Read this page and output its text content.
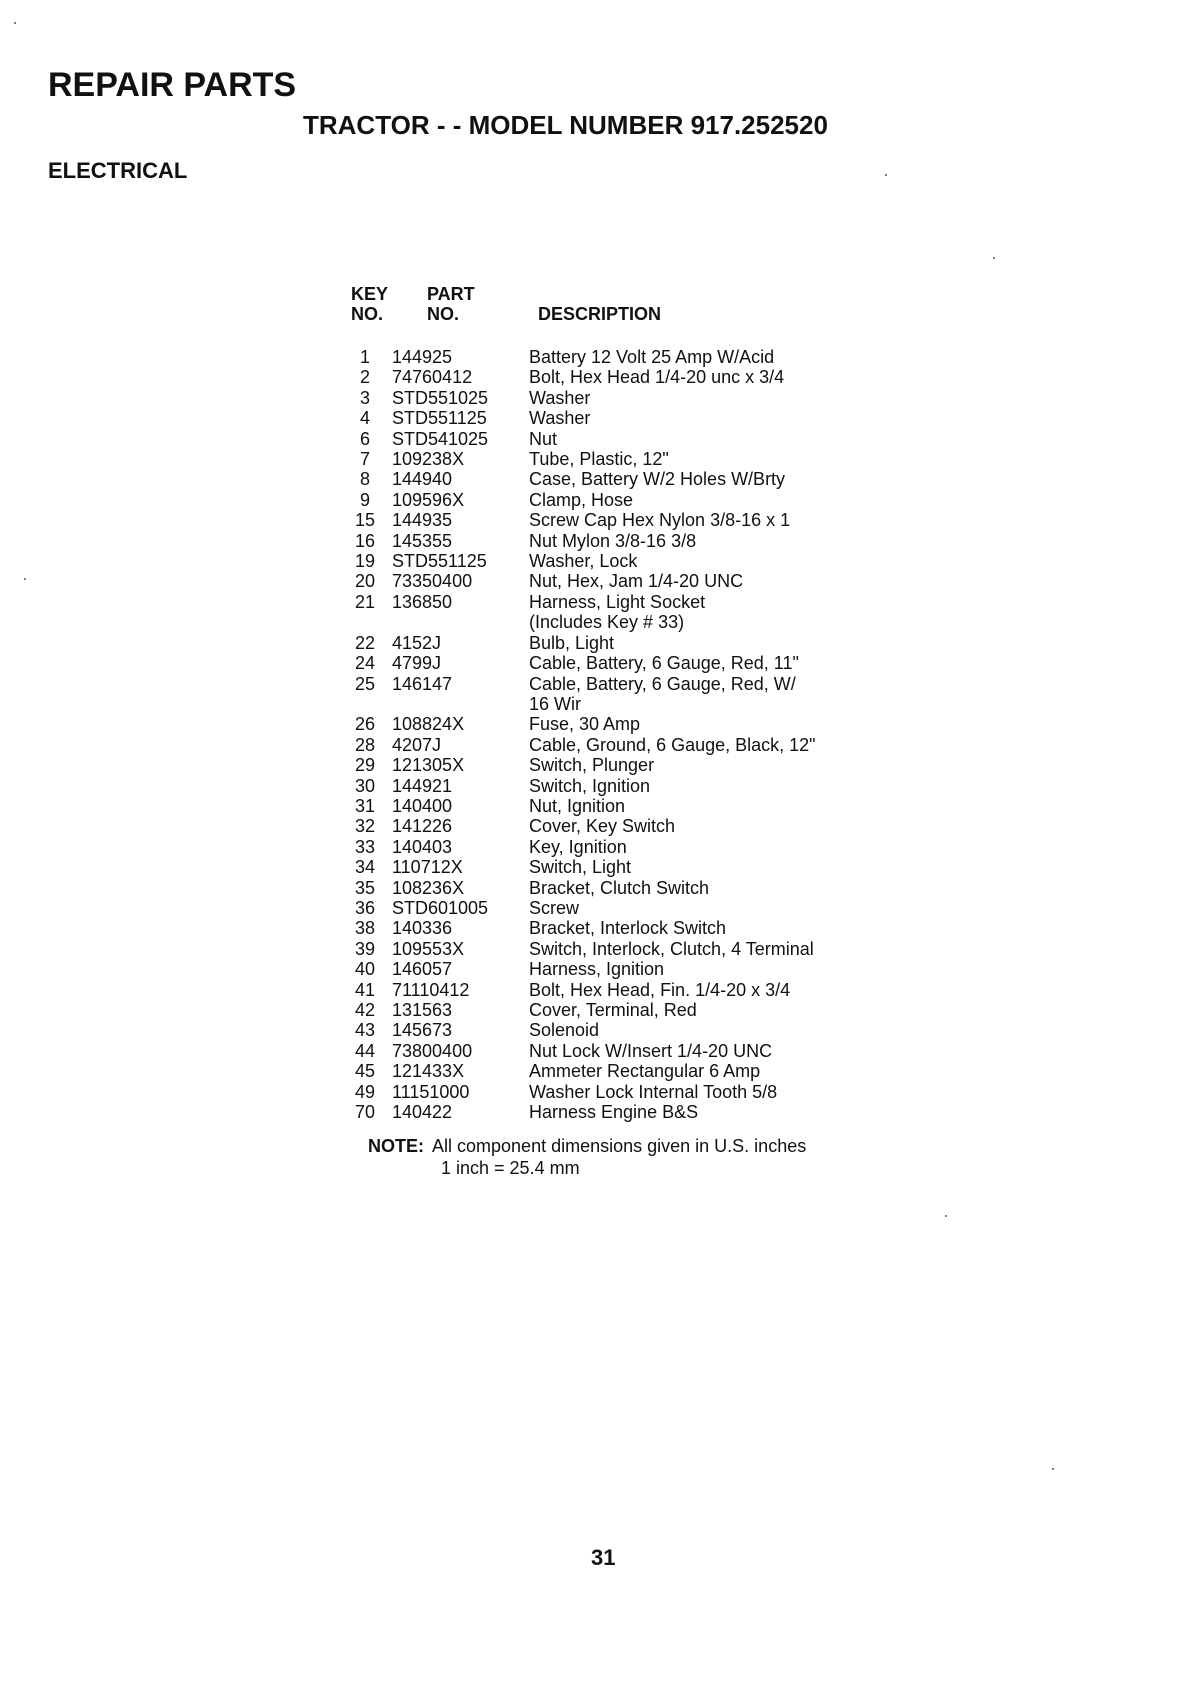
REPAIR PARTS
TRACTOR - - MODEL NUMBER 917.252520
ELECTRICAL
KEY
NO.
PART
NO.	DESCRIPTION
1 144925	Battery 12 Volt 25 Amp W/Acid
2 74760412	Bolt, Hex Head 1/4-20 unc x 3/4
3 STD551025 Washer
4 STD551125 Washer
6 STD541025 Nut
7 109238X	Tube, Plastic, 12"
8 144940	Case, Battery W/2 Holes W/Brty
9 109596X	Clamp, Hose
15 144935	Screw Cap Hex Nylon 3/8-16 x 1
16 145355	Nut Mylon 3/8-16 3/8
19 STD551125 Washer, Lock
20 73350400	Nut, Hex, Jam 1/4-20 UNC
21 136850	Harness, Light Socket
(Includes Key # 33)
22 4152J	Bulb, Light
24 4799J	Cable, Battery, 6 Gauge, Red, 11"
25 146147	Cable, Battery, 6 Gauge, Red, W/
16 Wir
26 108824X	Fuse, 30 Amp
28 4207J	Cable, Ground, 6 Gauge, Black, 12"
29 121305X	Switch, Plunger
30 144921	Switch, Ignition
31 140400	Nut, Ignition
32 141226	Cover, Key Switch
33 140403	Key, Ignition
34 110712X	Switch, Light
35 108236X	Bracket, Clutch Switch
36 STD601005 Screw
38 140336	Bracket, Interlock Switch
39 109553X	Switch, Interlock, Clutch, 4 Terminal
40 146057	Harness, Ignition
41 71110412	Bolt, Hex Head, Fin. 1/4-20 x 3/4
42 131563	Cover, Terminal, Red
43 145673	Solenoid
44 73800400	Nut Lock W/Insert 1/4-20 UNC
45 121433X	Ammeter Rectangular 6 Amp
49 11151000	Washer Lock Internal Tooth 5/8
70 140422	Harness Engine B&S
NOTE: All component dimensions given in U.S. inches
1 inch = 25.4 mm
31
